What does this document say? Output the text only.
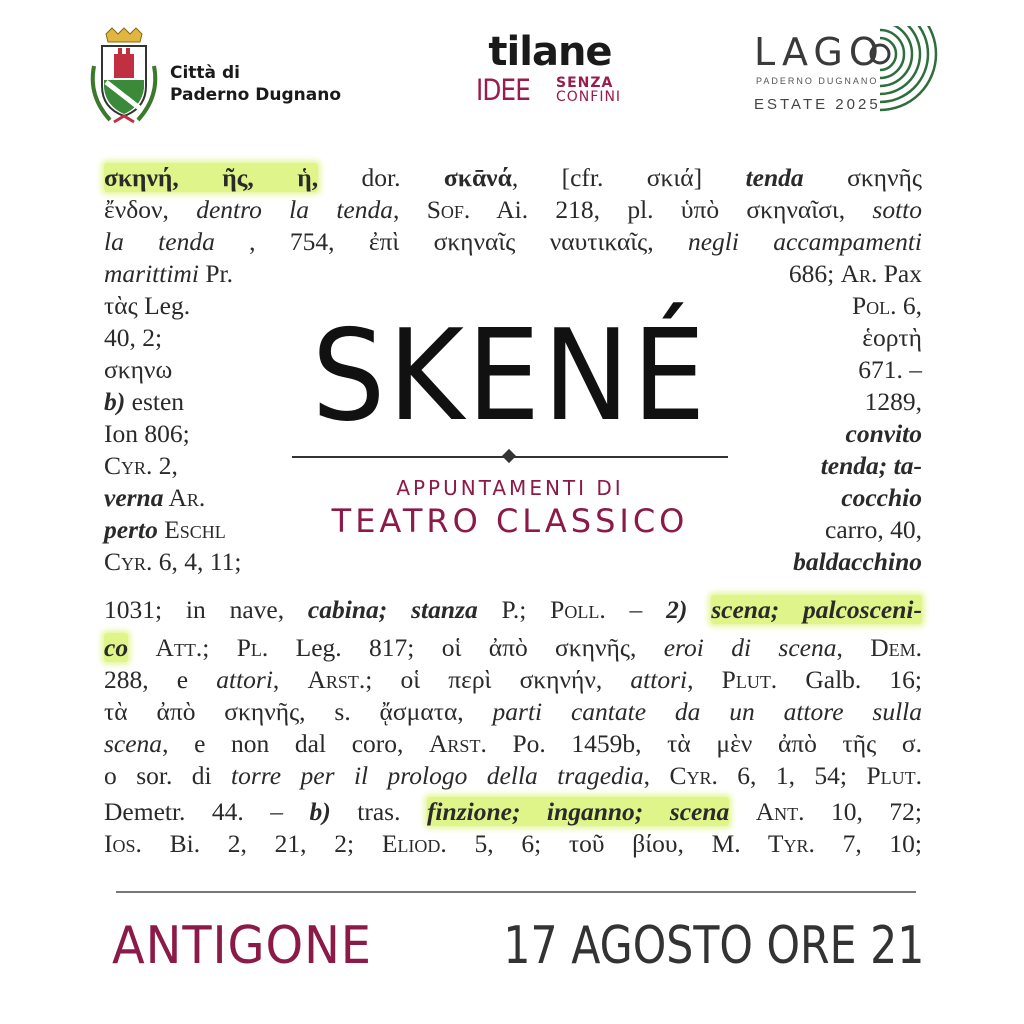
Città di
Paderno Dugnano
tilane
IDEE SENZA
CONFINI
LAGO
PADERNO DUGNANO
ESTATE 2025
σκηνή, ῆς, ἡ, dor. σκᾱνά, [cfr. σκιά] tenda σκηνῆς
ἔνδον, dentro la tenda, Sof. Ai. 218, pl. ὑπὸ σκηναῖσι, sotto
la tenda , 754, ἐπὶ σκηναῖς ναυτικαῖς, negli accampamenti
marittimi Pr.	686; Ar. Pax
τὰς Leg.	Pol. 6,
40, 2;	ἑορτὴ
σκηνω	671. –
b) esten	1289,
Ion 806;	convito
Cyr. 2,	tenda; ta-
verna Ar.	cocchio
perto Eschl	carro, 40,
Cyr. 6, 4, 11;	baldacchino
1031; in nave, cabina; stanza P.; Poll. – 2) scena; palcosceni-
co Att.; Pl. Leg. 817; οἱ ἀπὸ σκηνῆς, eroi di scena, Dem.
288, e attori, Arst.; οἱ περὶ σκηνήν, attori, Plut. Galb. 16;
τὰ ἀπὸ σκηνῆς, s. ᾄσματα, parti cantate da un attore sulla
scena, e non dal coro, Arst. Po. 1459b, τὰ μὲν ἀπὸ τῆς σ.
o sor. di torre per il prologo della tragedia, Cyr. 6, 1, 54; Plut.
Demetr. 44. – b) tras. finzione; inganno; scena Ant. 10, 72;
Ios. Bi. 2, 21, 2; Eliod. 5, 6; τοῦ βίου, M. Tyr. 7, 10;
SKENÉ
APPUNTAMENTI DI
TEATRO CLASSICO
ANTIGONE	17 AGOSTO ORE 21
